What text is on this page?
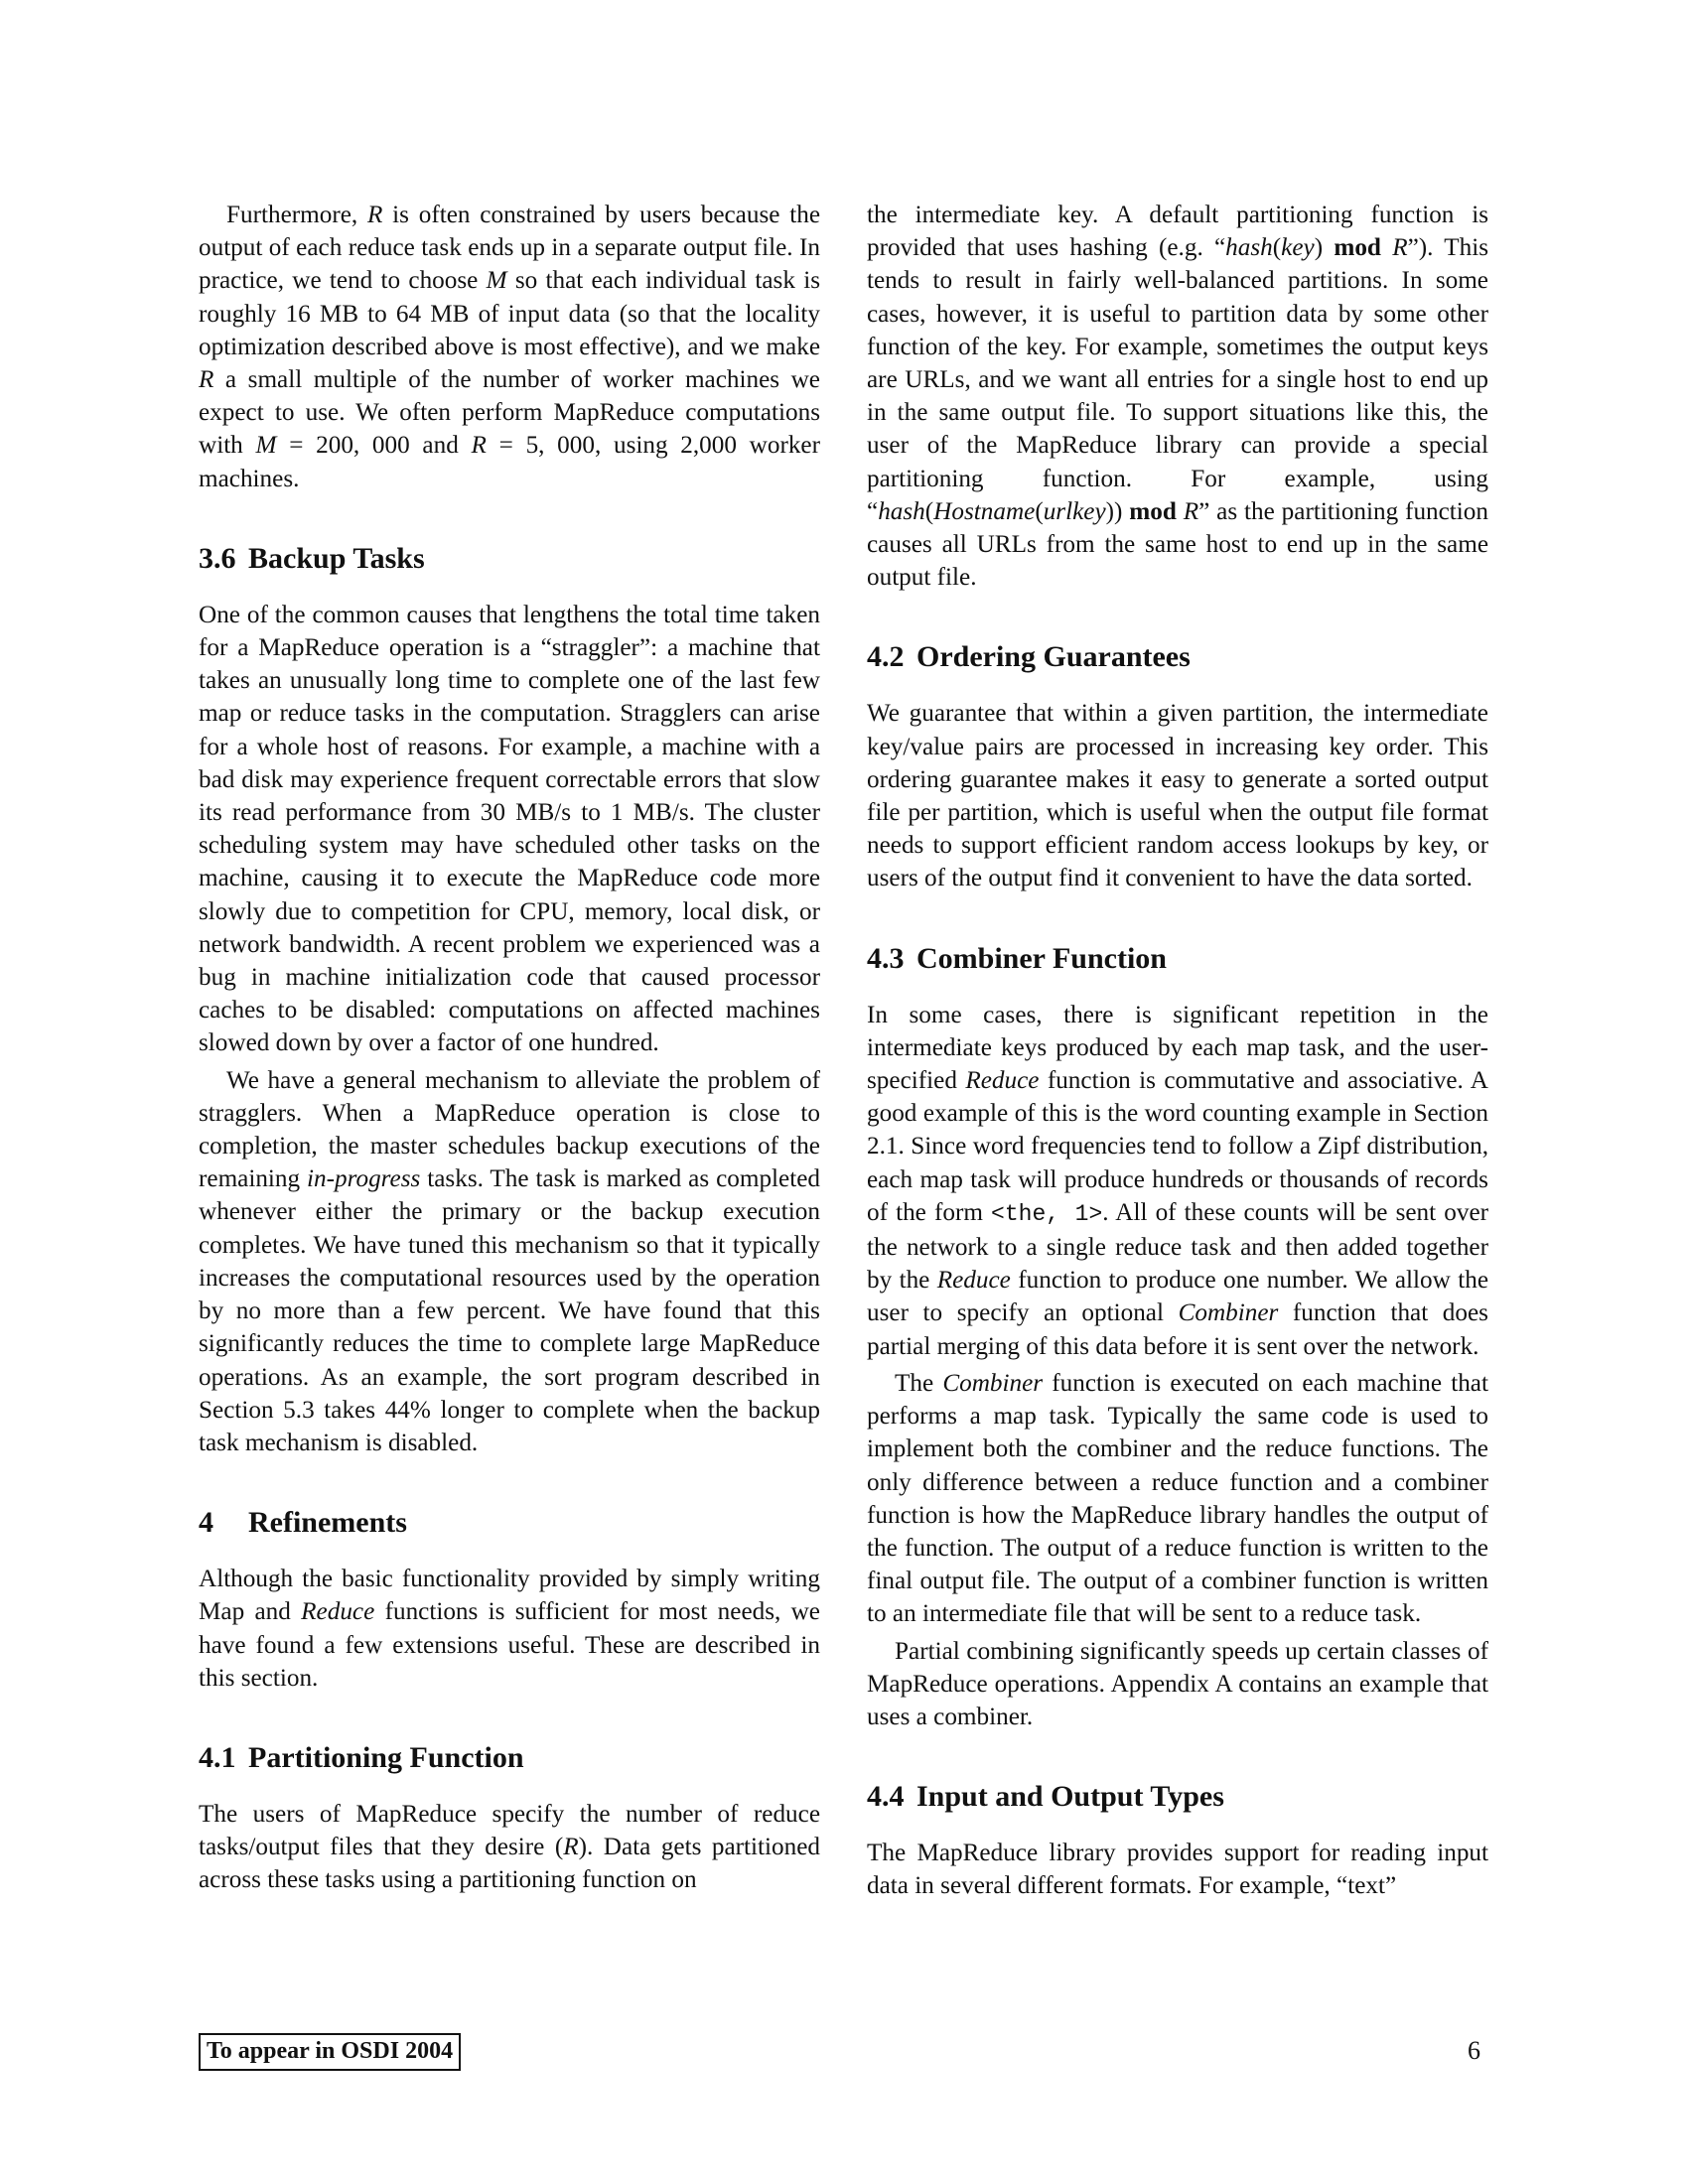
Furthermore, R is often constrained by users because the output of each reduce task ends up in a separate output file. In practice, we tend to choose M so that each individual task is roughly 16 MB to 64 MB of input data (so that the locality optimization described above is most effective), and we make R a small multiple of the number of worker machines we expect to use. We often perform MapReduce computations with M = 200, 000 and R = 5, 000, using 2,000 worker machines.

3.6 Backup Tasks

One of the common causes that lengthens the total time taken for a MapReduce operation is a “straggler”: a machine that takes an unusually long time to complete one of the last few map or reduce tasks in the computation. Stragglers can arise for a whole host of reasons. For example, a machine with a bad disk may experience frequent correctable errors that slow its read performance from 30 MB/s to 1 MB/s. The cluster scheduling system may have scheduled other tasks on the machine, causing it to execute the MapReduce code more slowly due to competition for CPU, memory, local disk, or network bandwidth. A recent problem we experienced was a bug in machine initialization code that caused processor caches to be disabled: computations on affected machines slowed down by over a factor of one hundred.

We have a general mechanism to alleviate the problem of stragglers. When a MapReduce operation is close to completion, the master schedules backup executions of the remaining in-progress tasks. The task is marked as completed whenever either the primary or the backup execution completes. We have tuned this mechanism so that it typically increases the computational resources used by the operation by no more than a few percent. We have found that this significantly reduces the time to complete large MapReduce operations. As an example, the sort program described in Section 5.3 takes 44% longer to complete when the backup task mechanism is disabled.

4 Refinements

Although the basic functionality provided by simply writing Map and Reduce functions is sufficient for most needs, we have found a few extensions useful. These are described in this section.

4.1 Partitioning Function

The users of MapReduce specify the number of reduce tasks/output files that they desire (R). Data gets partitioned across these tasks using a partitioning function on

the intermediate key. A default partitioning function is provided that uses hashing (e.g. “hash(key) mod R”). This tends to result in fairly well-balanced partitions. In some cases, however, it is useful to partition data by some other function of the key. For example, sometimes the output keys are URLs, and we want all entries for a single host to end up in the same output file. To support situations like this, the user of the MapReduce library can provide a special partitioning function. For example, using “hash(Hostname(urlkey)) mod R” as the partitioning function causes all URLs from the same host to end up in the same output file.

4.2 Ordering Guarantees

We guarantee that within a given partition, the intermediate key/value pairs are processed in increasing key order. This ordering guarantee makes it easy to generate a sorted output file per partition, which is useful when the output file format needs to support efficient random access lookups by key, or users of the output find it convenient to have the data sorted.

4.3 Combiner Function

In some cases, there is significant repetition in the intermediate keys produced by each map task, and the user-specified Reduce function is commutative and associative. A good example of this is the word counting example in Section 2.1. Since word frequencies tend to follow a Zipf distribution, each map task will produce hundreds or thousands of records of the form <the, 1>. All of these counts will be sent over the network to a single reduce task and then added together by the Reduce function to produce one number. We allow the user to specify an optional Combiner function that does partial merging of this data before it is sent over the network.

The Combiner function is executed on each machine that performs a map task. Typically the same code is used to implement both the combiner and the reduce functions. The only difference between a reduce function and a combiner function is how the MapReduce library handles the output of the function. The output of a reduce function is written to the final output file. The output of a combiner function is written to an intermediate file that will be sent to a reduce task.

Partial combining significantly speeds up certain classes of MapReduce operations. Appendix A contains an example that uses a combiner.

4.4 Input and Output Types

The MapReduce library provides support for reading input data in several different formats. For example, “text”

To appear in OSDI 2004	6
